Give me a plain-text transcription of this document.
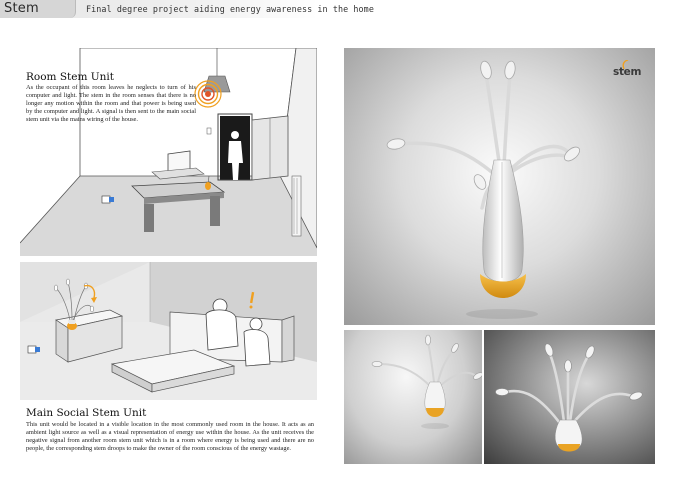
Stem	Final degree project aiding energy awareness in the home
Room Stem Unit

As the occupant of this room leaves he neglects to turn of his computer and light. The stem in the room senses that there is no longer any motion within the room and that power is being used by the computer and light. A signal is then sent to the main social stem unit via the mains wiring of the house.

Main Social Stem Unit

This unit would be located in a visible location in the most commonly used room in the house. It acts as an ambient light source as well as a visual representation of energy use within the house. As the unit receives the negative signal from another room stem unit which is in a room where energy is being used and there are no people, the corresponding stem droops to make the owner of the room conscious of the energy wastage.

stem
